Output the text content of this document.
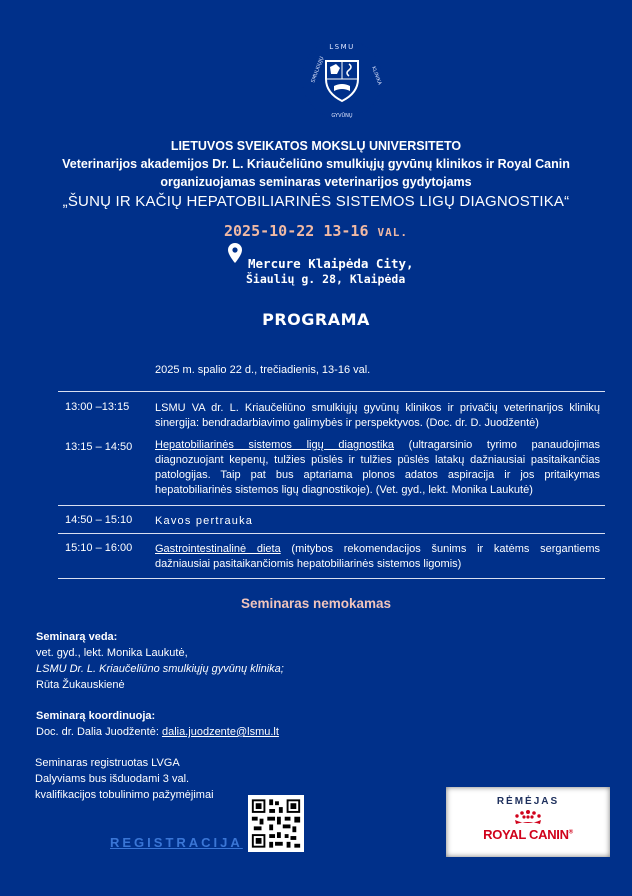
LSMU
SMULKIŲJŲ
GYVŪNŲ
KLINIKA
LIETUVOS SVEIKATOS MOKSLŲ UNIVERSITETO
Veterinarijos akademijos Dr. L. Kriaučeliūno smulkiųjų gyvūnų klinikos ir Royal Canin
organizuojamas seminaras veterinarijos gydytojams
„ŠUNŲ IR KAČIŲ HEPATOBILIARINĖS SISTEMOS LIGŲ DIAGNOSTIKA“
2025-10-22 13-16 VAL.
Mercure Klaipėda City,
Šiaulių g. 28, Klaipėda
PROGRAMA
2025 m. spalio 22 d., trečiadienis, 13-16 val.
13:00 –13:15 LSMU VA dr. L. Kriaučeliūno smulkiųjų gyvūnų klinikos ir privačių veterinarijos klinikų sinergija: bendradarbiavimo galimybės ir perspektyvos. (Doc. dr. D. Juodžentė)
13:15 – 14:50 Hepatobiliarinės sistemos ligų diagnostika (ultragarsinio tyrimo panaudojimas diagnozuojant kepenų, tulžies pūslės ir tulžies pūslės latakų dažniausiai pasitaikančias patologijas. Taip pat bus aptariama plonos adatos aspiracija ir jos pritaikymas hepatobiliarinės sistemos ligų diagnostikoje). (Vet. gyd., lekt. Monika Laukutė)
14:50 – 15:10 Kavos pertrauka
15:10 – 16:00 Gastrointestinalinė dieta (mitybos rekomendacijos šunims ir katėms sergantiems dažniausiai pasitaikančiomis hepatobiliarinės sistemos ligomis)
Seminaras nemokamas
Seminarą veda:
vet. gyd., lekt. Monika Laukutė,
LSMU Dr. L. Kriaučeliūno smulkiųjų gyvūnų klinika;
Rūta Žukauskienė
Seminarą koordinuoja:
Doc. dr. Dalia Juodžentė: dalia.juodzente@lsmu.lt
Seminaras registruotas LVGA
Dalyviams bus išduodami 3 val.
kvalifikacijos tobulinimo pažymėjimai
REGISTRACIJA
RĖMĖJAS
ROYAL CANIN®
